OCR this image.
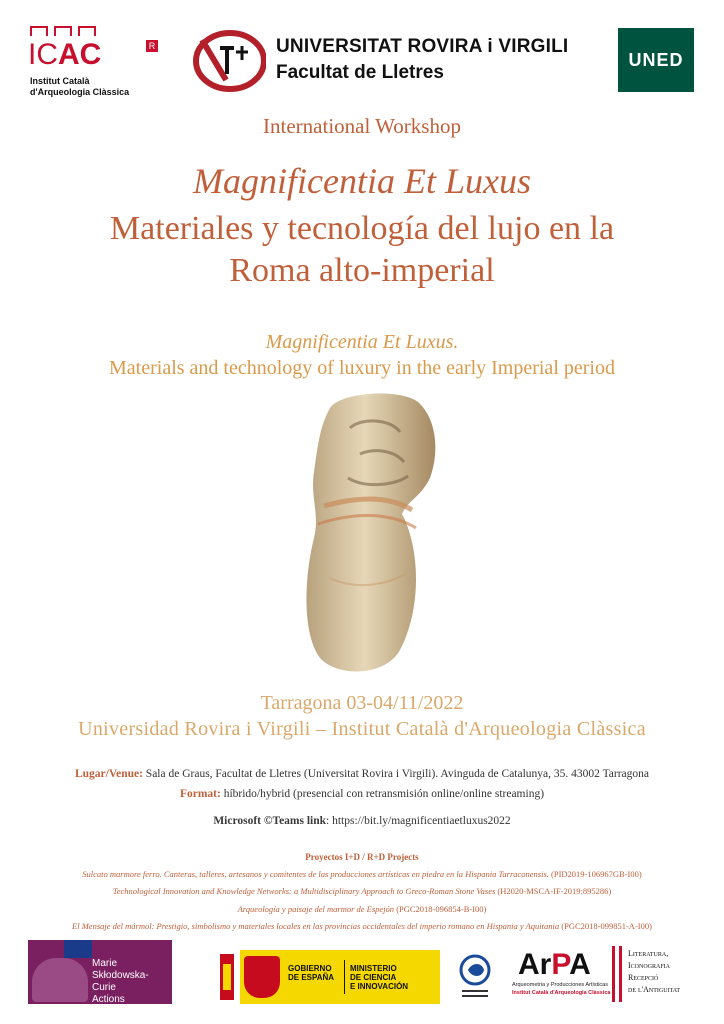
ICAC	R
Institut Català
d'Arqueologia Clàssica
UNIVERSITAT ROVIRA i VIRGILI
Facultat de Lletres
UNED
International Workshop
Magnificentia Et Luxus
Materiales y tecnología del lujo en la
Roma alto-imperial
Magnificentia Et Luxus.
Materials and technology of luxury in the early Imperial period
Tarragona 03-04/11/2022
Universidad Rovira i Virgili – Institut Català d'Arqueologia Clàssica
Lugar/Venue: Sala de Graus, Facultat de Lletres (Universitat Rovira i Virgili). Avinguda de Catalunya, 35. 43002 Tarragona
Format: híbrido/hybrid (presencial con retransmisión online/online streaming)
Microsoft ©Teams link: https://bit.ly/magnificentiaetluxus2022
Proyectos I+D / R+D Projects
Sulcato marmore ferro. Canteras, talleres, artesanos y comitentes de las producciones artísticas en piedra en la Hispania Tarraconensis. (PID2019-106967GB-I00)
Technological Innovation and Knowledge Networks: a Multidisciplinary Approach to Greco-Roman Stone Vases (H2020-MSCA-IF-2019:895286)
Arqueología y paisaje del marmor de Espejón (PGC2018-096854-B-I00)
El Mensaje del mármol: Prestigio, simbolismo y materiales locales en las provincias occidentales del imperio romano en Hispania y Aquitania (PGC2018-099851-A-I00)
Marie
Skłodowska-Curie
Actions
GOBIERNO
DE ESPAÑA
MINISTERIO
DE CIENCIA
E INNOVACIÓN
ArPA
Arqueometria y Producciones Artísticas
Institut Català d'Arqueologia Clàssica
Literatura,
Iconografia
Recepció
de l'Antiguitat
